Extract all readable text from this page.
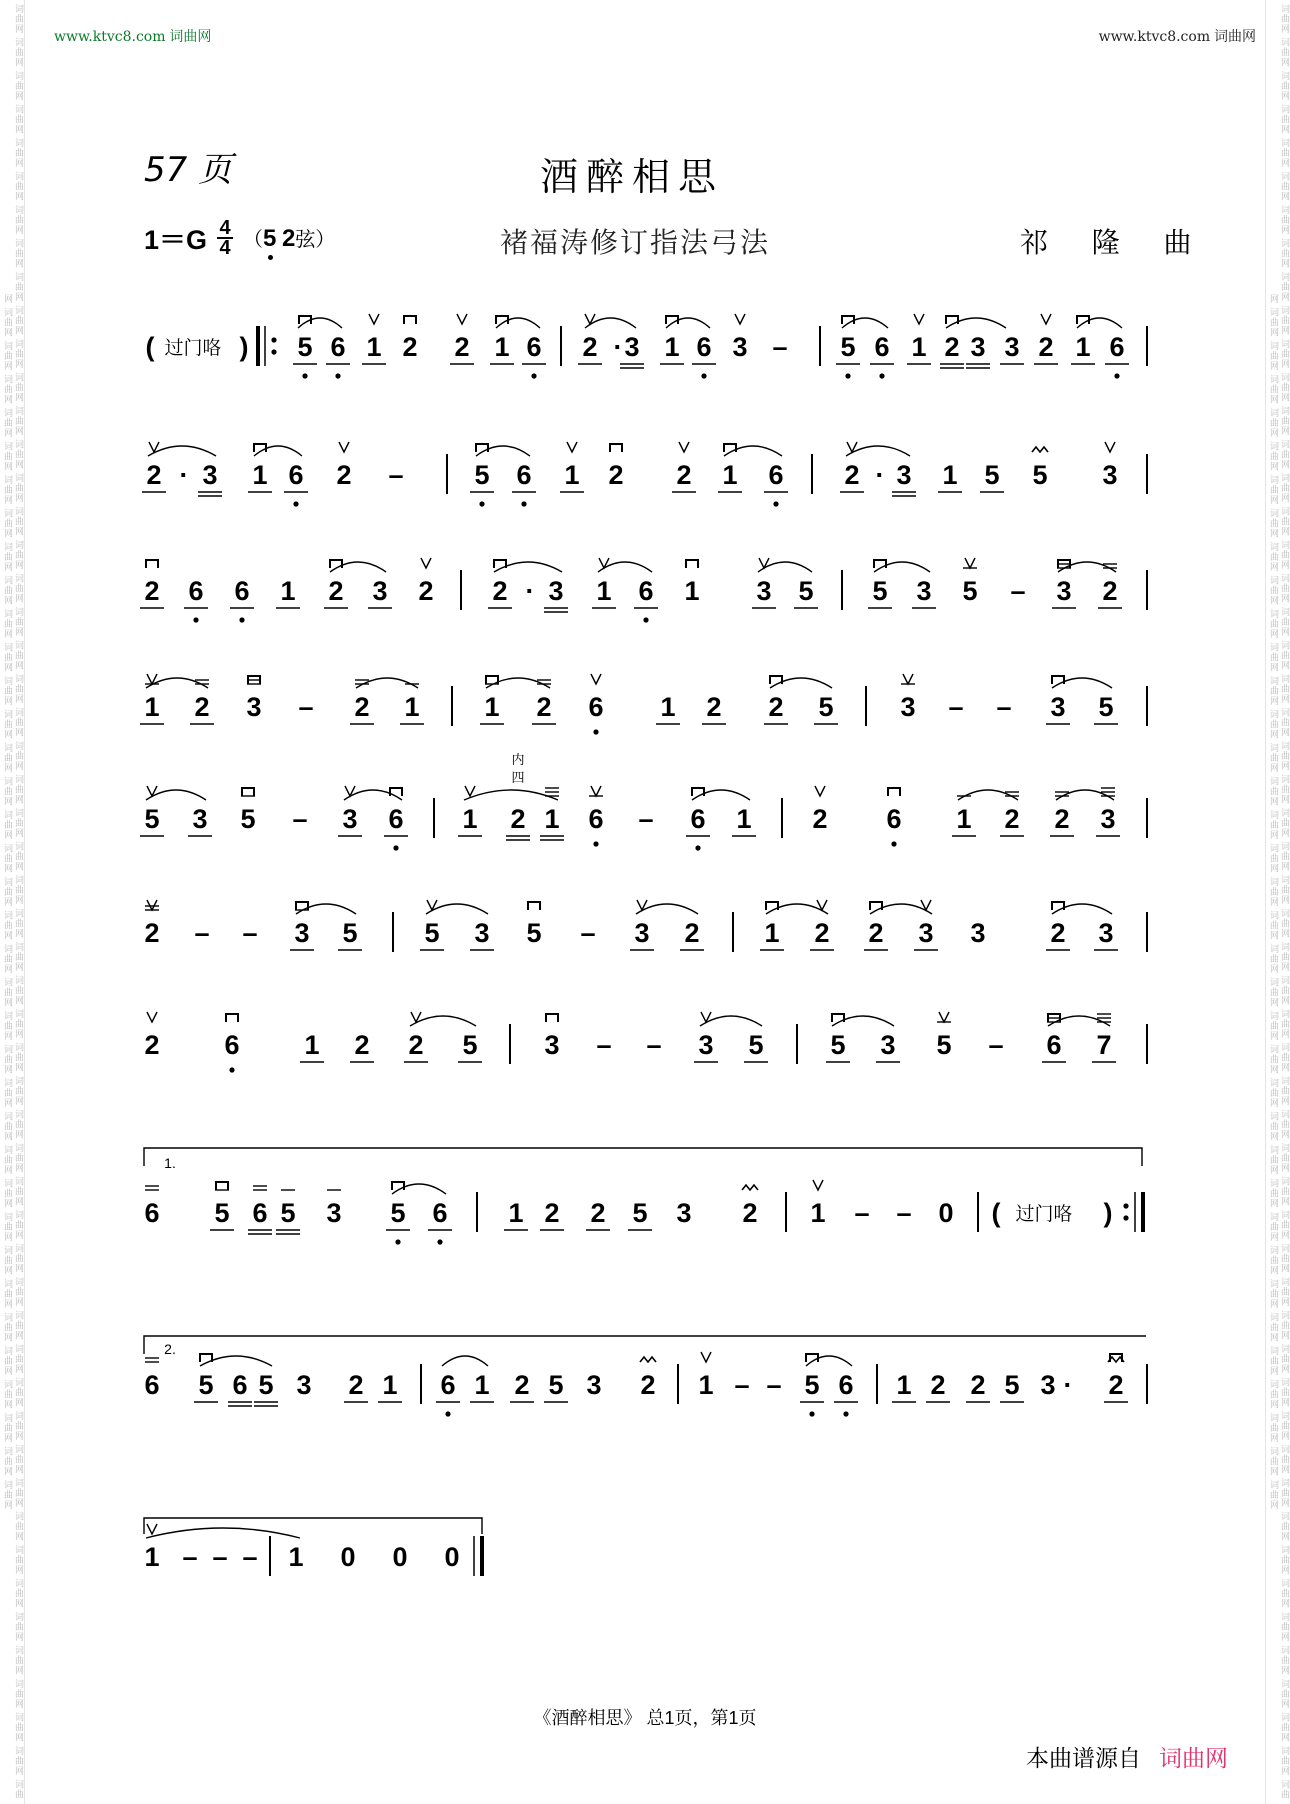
词曲网 词曲网 词曲网 词曲网 词曲网 词曲网 词曲网 词曲网 词曲网 词曲网 词曲网 词曲网 词曲网 词曲网 词曲网 词曲网 词曲网 词曲网 词曲网 词曲网 词曲网 词曲网 词曲网 词曲网 词曲网 词曲网 词曲网 词曲网 词曲网 词曲网 词曲网 词曲网 词曲网 词曲网 词曲网 词曲网 词曲网 词曲网 词曲网 词曲网 词曲网 词曲网 词曲网 词曲网 词曲网 词曲网 词曲网 词曲网 词曲网 词曲网 词曲网 词曲网 词曲网 词曲网 词曲网 词曲网 词曲网 词曲网 词曲网 词曲网 词曲网 词曲网 词曲网 词曲网 词曲网 词曲网 词曲网 词曲网 词曲网 词曲网 词曲网 词曲网 词曲网 词曲网 词曲网 词曲网 词曲网 词曲网 词曲网 词曲网 词曲网 词曲网 词曲网 词曲网 词曲网 词曲网 词曲网 词曲网 词曲网 词曲网	词曲网 词曲网 词曲网 词曲网 词曲网 词曲网 词曲网 词曲网 词曲网 词曲网 词曲网 词曲网 词曲网 词曲网 词曲网 词曲网 词曲网 词曲网 词曲网 词曲网 词曲网 词曲网 词曲网 词曲网 词曲网 词曲网 词曲网 词曲网 词曲网 词曲网 词曲网 词曲网 词曲网 词曲网 词曲网 词曲网 词曲网 词曲网 词曲网 词曲网 词曲网 词曲网 词曲网 词曲网 词曲网 词曲网 词曲网 词曲网 词曲网 词曲网 词曲网 词曲网 词曲网 词曲网 词曲网 词曲网 词曲网 词曲网 词曲网 词曲网 词曲网 词曲网 词曲网 词曲网 词曲网 词曲网 词曲网 词曲网 词曲网 词曲网 词曲网 词曲网 词曲网 词曲网 词曲网 词曲网 词曲网 词曲网 词曲网 词曲网 词曲网 词曲网 词曲网 词曲网 词曲网 词曲网 词曲网 词曲网 词曲网 词曲网
www.ktvc8.com 词曲网	www.ktvc8.com 词曲网
57 页	酒醉相思
$1=G \frac{4}{4} (5$ 2弦）	褚福涛修订指法弓法	祁 隆 曲
( 过门咯 ) 5 6 1 2 2 1 6 2 · 3 1 6 3 – 5 6 1 2 3 3 2 1 6
2 · 3 1 6 2 –	5 6 1 2 2 1 6 2 · 3 1 5 5 3
2 6 6 1 2 3 2 2 · 3 1 6 1 3 5 5 3 5 – 3 2
1 2 3 – 2 1 1 2 6 1 2 2 5 3 – – 3 5
5 3 5 – 3 6 1 2 1 6 – 6 1
内
四
2 6 1 2 2 3
2 – – 3 5 5 3 5 – 3 2 1 2 2 3 3 2 3
2 6 1 2 2 5 3 – – 3 5 5 3 5 – 6 7
1.
6 5 6 5 3 5 6 1 2 2 5 3 2 1 – – 0 ( 过门咯 )
2.
6 5 6 5 3 2 1 6 1 2 5 3 2 1 – – 5 6 1 2 2 5 3 · 2
1 – – – 1 0 0 0
《酒醉相思》 总1页，第1页
本曲谱源自 词曲网
